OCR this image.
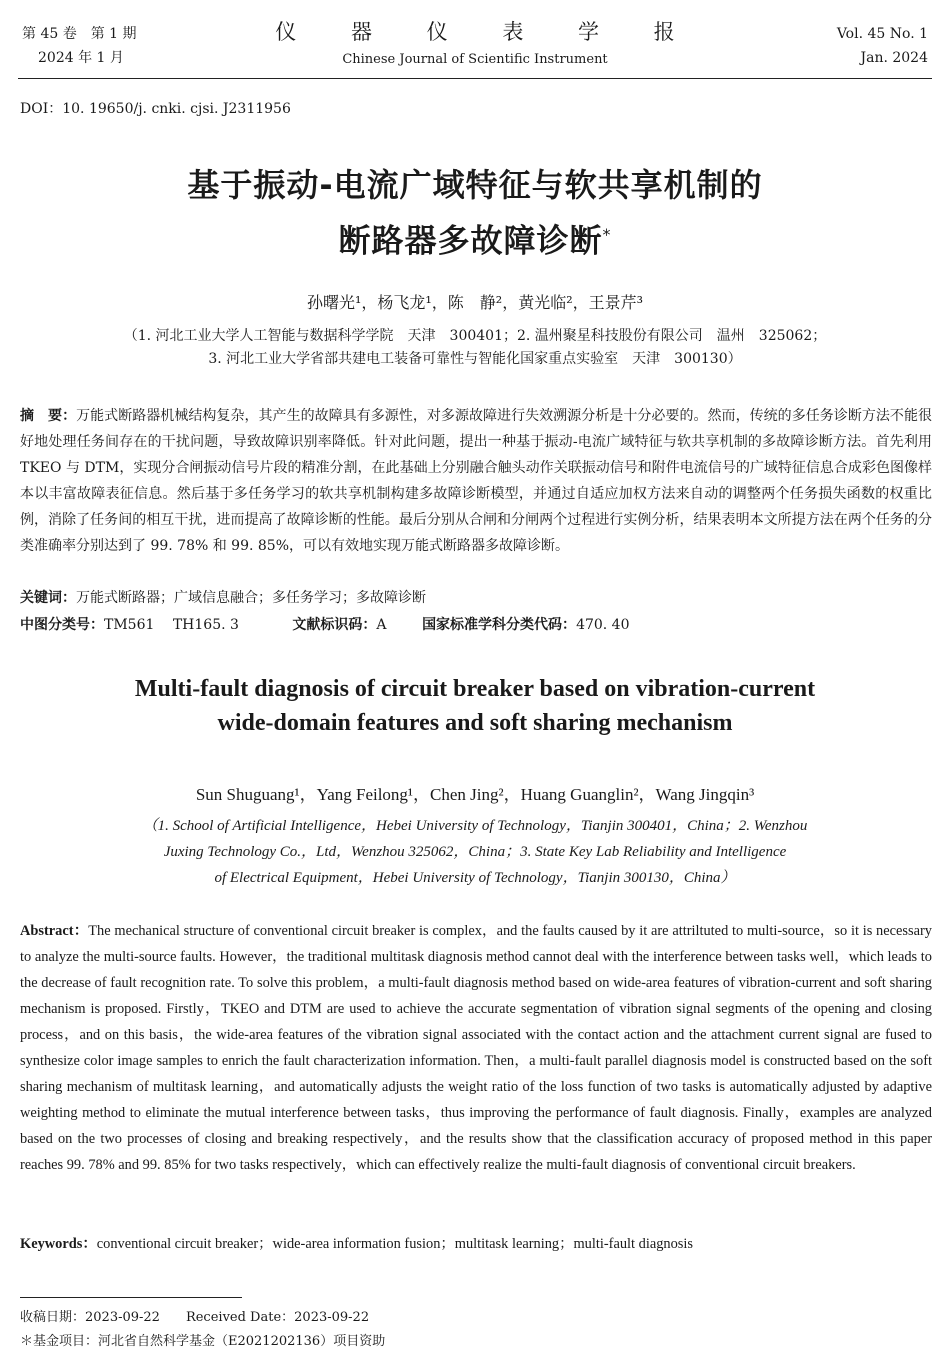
第 45 卷　第 1 期
2024 年 1 月
仪 器 仪 表 学 报
Chinese Journal of Scientific Instrument
Vol. 45 No. 1
Jan. 2024
DOI：10. 19650/j. cnki. cjsi. J2311956
基于振动-电流广域特征与软共享机制的
断路器多故障诊断*
孙曙光¹，杨飞龙¹，陈　静²，黄光临²，王景芹³
（1. 河北工业大学人工智能与数据科学学院　天津　300401；2. 温州聚星科技股份有限公司　温州　325062；
3. 河北工业大学省部共建电工装备可靠性与智能化国家重点实验室　天津　300130）
摘　要：万能式断路器机械结构复杂，其产生的故障具有多源性，对多源故障进行失效溯源分析是十分必要的。然而，传统的多任务诊断方法不能很好地处理任务间存在的干扰问题，导致故障识别率降低。针对此问题，提出一种基于振动-电流广域特征与软共享机制的多故障诊断方法。首先利用 TKEO 与 DTM，实现分合闸振动信号片段的精准分割，在此基础上分别融合触头动作关联振动信号和附件电流信号的广域特征信息合成彩色图像样本以丰富故障表征信息。然后基于多任务学习的软共享机制构建多故障诊断模型，并通过自适应加权方法来自动的调整两个任务损失函数的权重比例，消除了任务间的相互干扰，进而提高了故障诊断的性能。最后分别从合闸和分闸两个过程进行实例分析，结果表明本文所提方法在两个任务的分类准确率分别达到了 99. 78% 和 99. 85%，可以有效地实现万能式断路器多故障诊断。
关键词：万能式断路器；广域信息融合；多任务学习；多故障诊断
中图分类号：TM561　 TH165. 3	文献标识码：A	国家标准学科分类代码：470. 40
Multi-fault diagnosis of circuit breaker based on vibration-current
wide-domain features and soft sharing mechanism
Sun Shuguang¹，Yang Feilong¹，Chen Jing²，Huang Guanglin²，Wang Jingqin³
（1. School of Artificial Intelligence，Hebei University of Technology，Tianjin 300401，China；2. Wenzhou
Juxing Technology Co.，Ltd，Wenzhou 325062，China；3. State Key Lab Reliability and Intelligence
of Electrical Equipment，Hebei University of Technology，Tianjin 300130，China）
Abstract：The mechanical structure of conventional circuit breaker is complex，and the faults caused by it are attriltuted to multi-source，so it is necessary to analyze the multi-source faults. However，the traditional multitask diagnosis method cannot deal with the interference between tasks well，which leads to the decrease of fault recognition rate. To solve this problem，a multi-fault diagnosis method based on wide-area features of vibration-current and soft sharing mechanism is proposed. Firstly，TKEO and DTM are used to achieve the accurate segmentation of vibration signal segments of the opening and closing process，and on this basis，the wide-area features of the vibration signal associated with the contact action and the attachment current signal are fused to synthesize color image samples to enrich the fault characterization information. Then，a multi-fault parallel diagnosis model is constructed based on the soft sharing mechanism of multitask learning，and automatically adjusts the weight ratio of the loss function of two tasks is automatically adjusted by adaptive weighting method to eliminate the mutual interference between tasks，thus improving the performance of fault diagnosis. Finally，examples are analyzed based on the two processes of closing and breaking respectively，and the results show that the classification accuracy of proposed method in this paper reaches 99. 78% and 99. 85% for two tasks respectively，which can effectively realize the multi-fault diagnosis of conventional circuit breakers.
Keywords：conventional circuit breaker；wide-area information fusion；multitask learning；multi-fault diagnosis
收稿日期：2023-09-22　　Received Date：2023-09-22
＊基金项目：河北省自然科学基金（E2021202136）项目资助
